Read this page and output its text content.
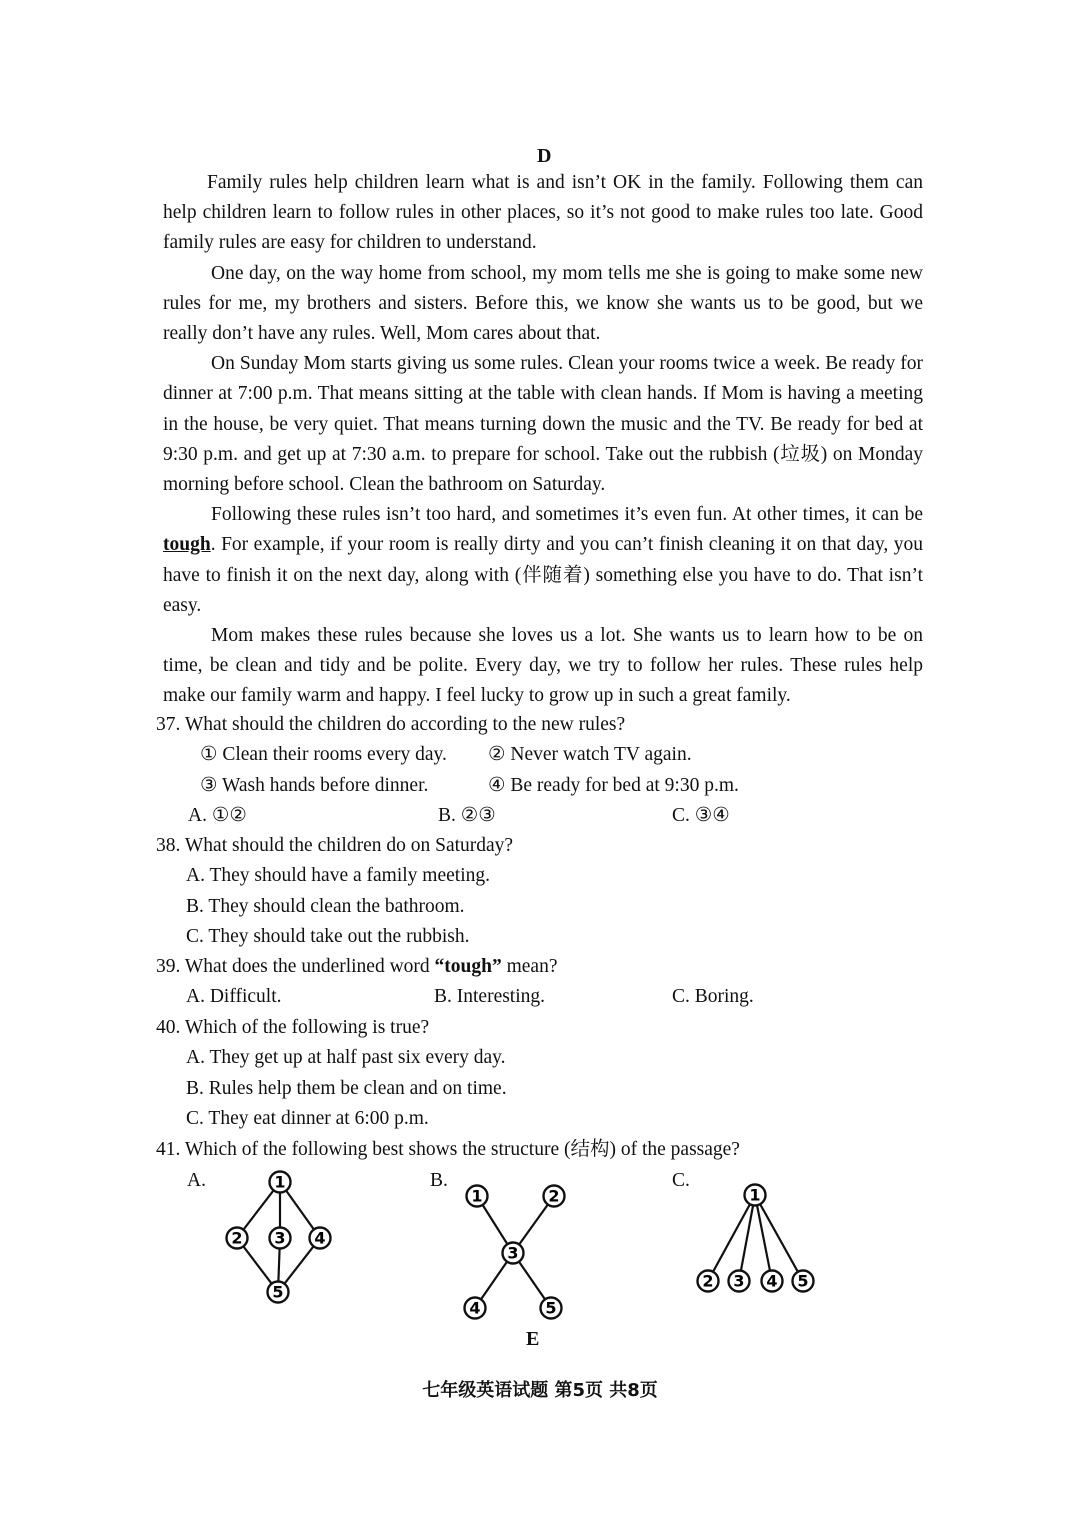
D

Family rules help children learn what is and isn’t OK in the family. Following them can help children learn to follow rules in other places, so it’s not good to make rules too late. Good family rules are easy for children to understand.

One day, on the way home from school, my mom tells me she is going to make some new rules for me, my brothers and sisters. Before this, we know she wants us to be good, but we really don’t have any rules. Well, Mom cares about that.

On Sunday Mom starts giving us some rules. Clean your rooms twice a week. Be ready for dinner at 7:00 p.m. That means sitting at the table with clean hands. If Mom is having a meeting in the house, be very quiet. That means turning down the music and the TV. Be ready for bed at 9:30 p.m. and get up at 7:30 a.m. to prepare for school. Take out the rubbish (垃圾) on Monday morning before school. Clean the bathroom on Saturday.

Following these rules isn’t too hard, and sometimes it’s even fun. At other times, it can be tough. For example, if your room is really dirty and you can’t finish cleaning it on that day, you have to finish it on the next day, along with (伴随着) something else you have to do. That isn’t easy.

Mom makes these rules because she loves us a lot. She wants us to learn how to be on time, be clean and tidy and be polite. Every day, we try to follow her rules. These rules help make our family warm and happy. I feel lucky to grow up in such a great family.

37. What should the children do according to the new rules?
① Clean their rooms every day. ② Never watch TV again.
③ Wash hands before dinner.	④ Be ready for bed at 9:30 p.m.
A. ①②	B. ②③	C. ③④
38. What should the children do on Saturday?
A. They should have a family meeting.
B. They should clean the bathroom.
C. They should take out the rubbish.
39. What does the underlined word “tough” mean?
A. Difficult.	B. Interesting.	C. Boring.
40. Which of the following is true?
A. They get up at half past six every day.
B. Rules help them be clean and on time.
C. They eat dinner at 6:00 p.m.
41. Which of the following best shows the structure (结构) of the passage?
A.	B.	C.
1
2 3 4
5
1	2
3
4	5
1
2 3 4 5
E
七年级英语试题 第5页 共8页
